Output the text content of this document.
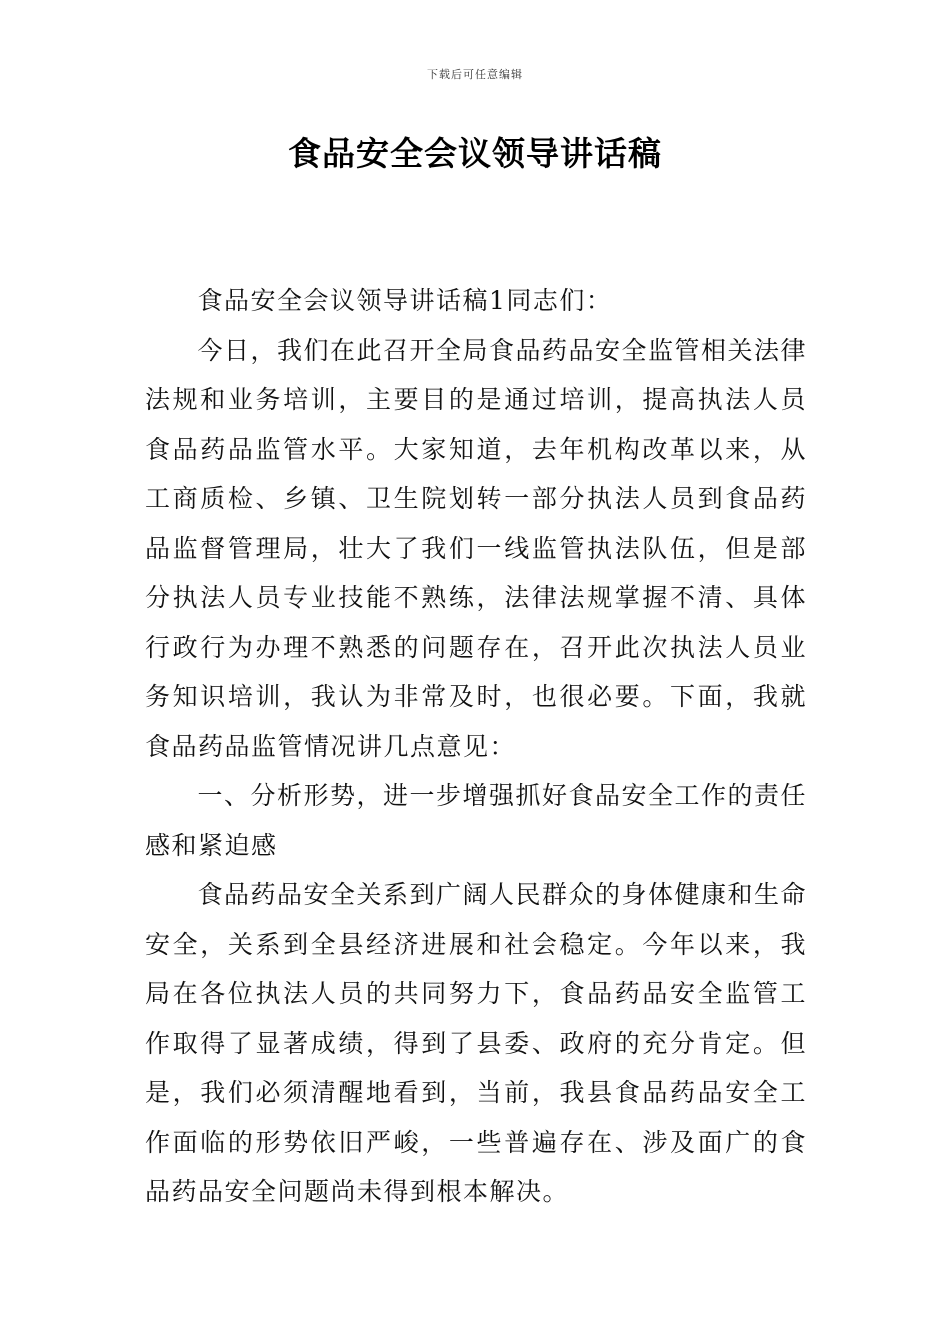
下载后可任意编辑
食品安全会议领导讲话稿

食品安全会议领导讲话稿1同志们：

今日，我们在此召开全局食品药品安全监管相关法律法规和业务培训，主要目的是通过培训，提高执法人员食品药品监管水平。大家知道，去年机构改革以来，从工商质检、乡镇、卫生院划转一部分执法人员到食品药品监督管理局，壮大了我们一线监管执法队伍，但是部分执法人员专业技能不熟练，法律法规掌握不清、具体行政行为办理不熟悉的问题存在，召开此次执法人员业务知识培训，我认为非常及时，也很必要。下面，我就食品药品监管情况讲几点意见：

一、分析形势，进一步增强抓好食品安全工作的责任感和紧迫感

食品药品安全关系到广阔人民群众的身体健康和生命安全，关系到全县经济进展和社会稳定。今年以来，我局在各位执法人员的共同努力下，食品药品安全监管工作取得了显著成绩，得到了县委、政府的充分肯定。但是，我们必须清醒地看到，当前，我县食品药品安全工作面临的形势依旧严峻，一些普遍存在、涉及面广的食品药品安全问题尚未得到根本解决。
